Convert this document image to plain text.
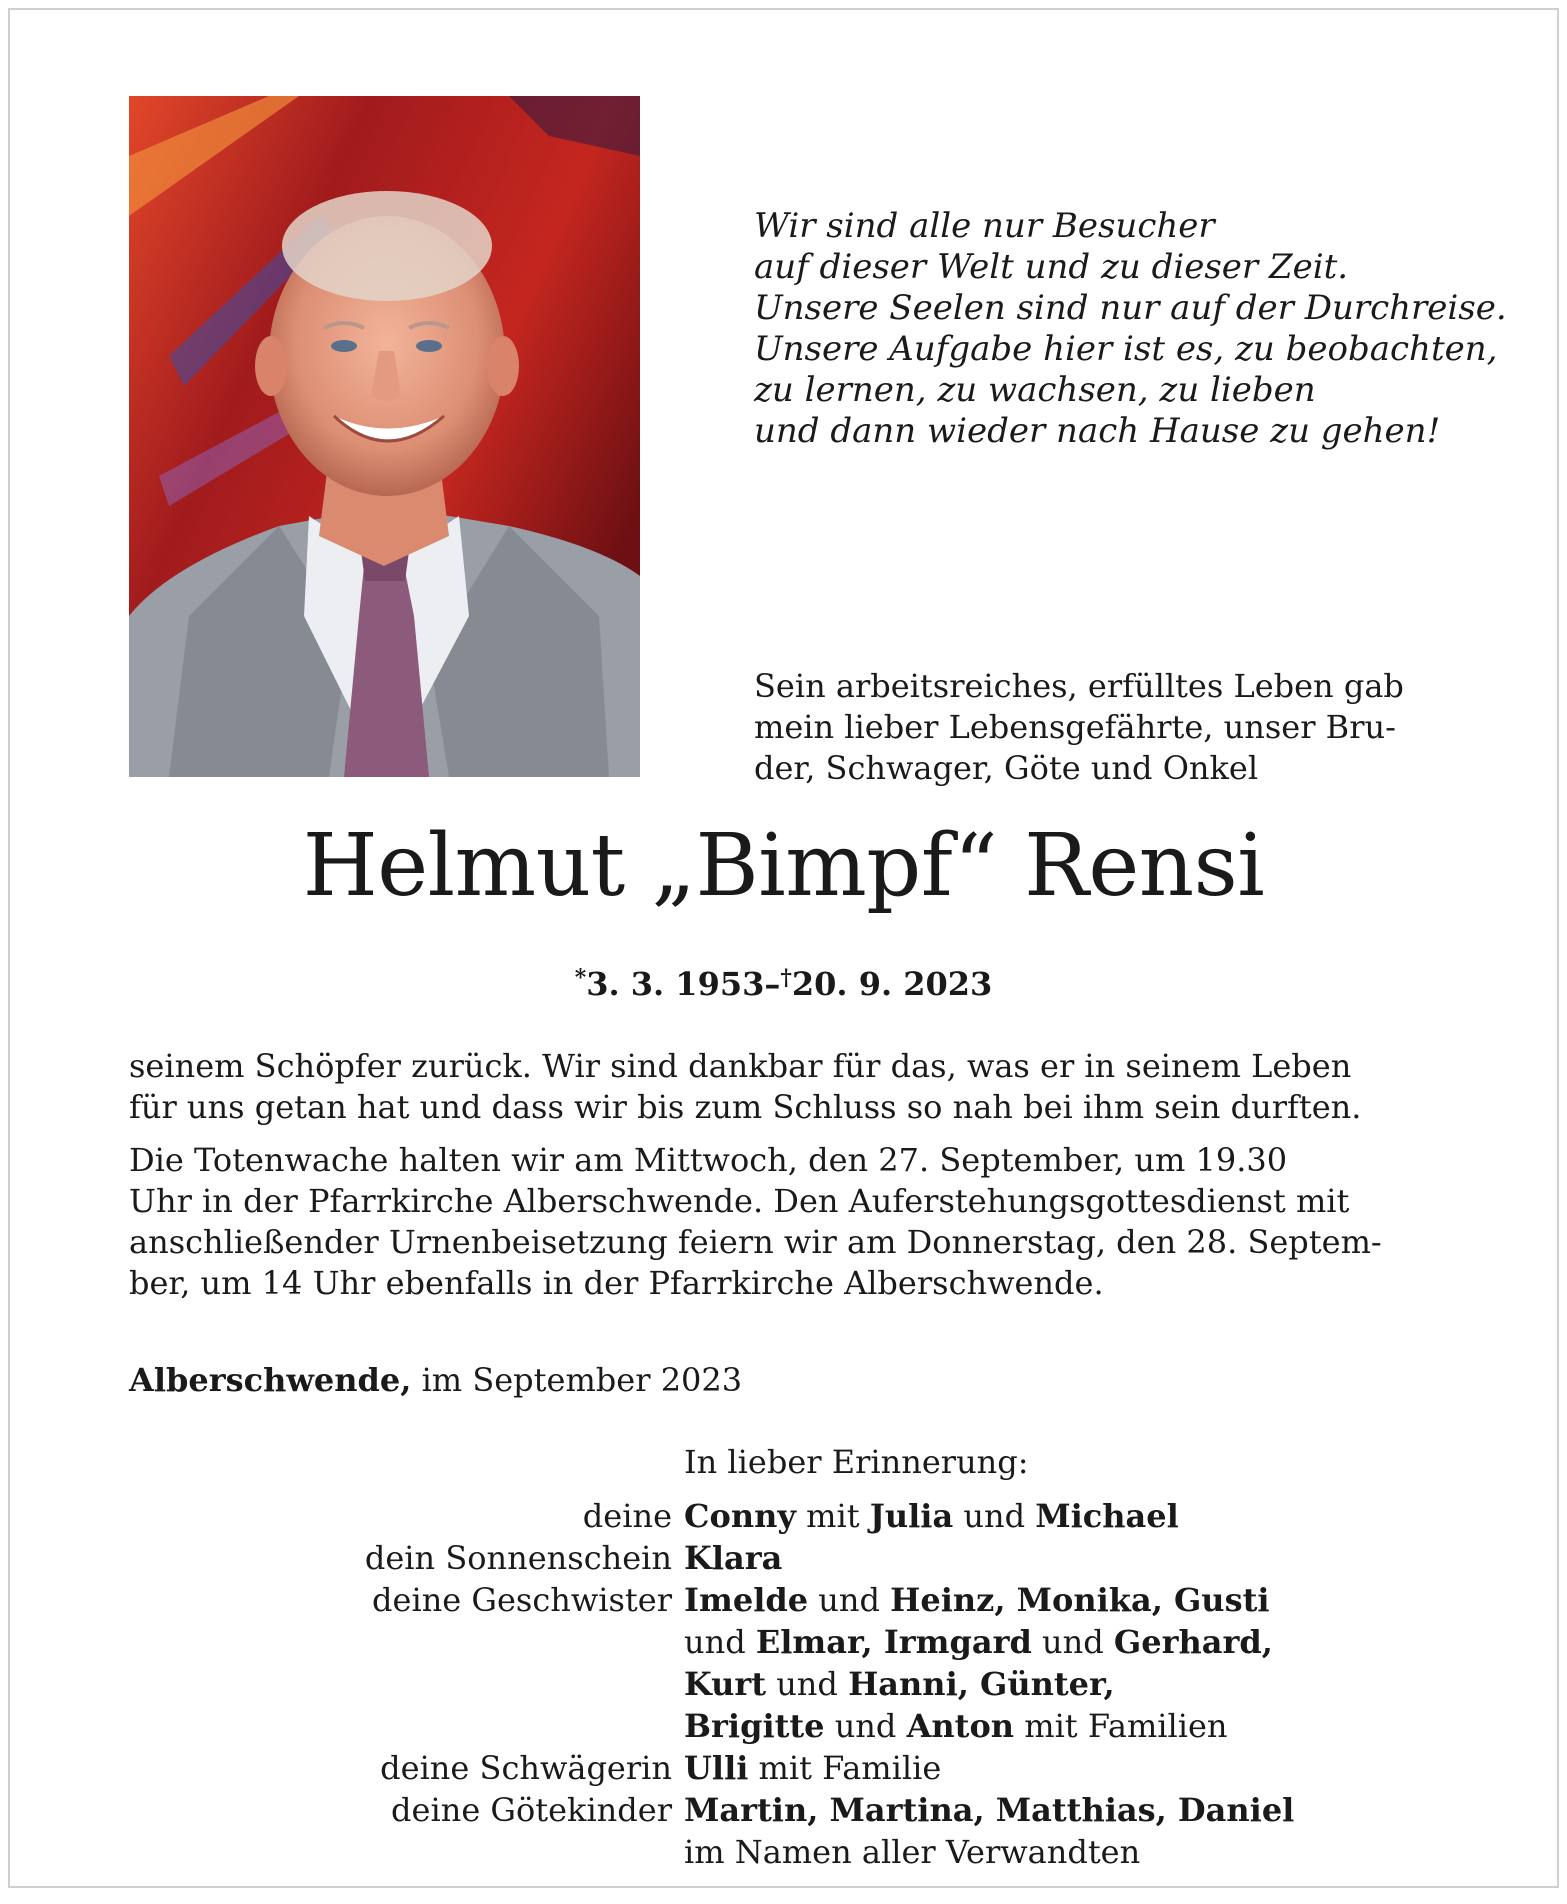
Wir sind alle nur Besucher
auf dieser Welt und zu dieser Zeit.
Unsere Seelen sind nur auf der Durchreise.
Unsere Aufgabe hier ist es, zu beobachten,
zu lernen, zu wachsen, zu lieben
und dann wieder nach Hause zu gehen!
Sein arbeitsreiches, erfülltes Leben gab
mein lieber Lebensgefährte, unser Bru-
der, Schwager, Göte und Onkel
Helmut „Bimpf“ Rensi
*3. 3. 1953–†20. 9. 2023
seinem Schöpfer zurück. Wir sind dankbar für das, was er in seinem Leben
für uns getan hat und dass wir bis zum Schluss so nah bei ihm sein durften.
Die Totenwache halten wir am Mittwoch, den 27. September, um 19.30
Uhr in der Pfarrkirche Alberschwende. Den Auferstehungsgottesdienst mit
anschließender Urnenbeisetzung feiern wir am Donnerstag, den 28. Septem-
ber, um 14 Uhr ebenfalls in der Pfarrkirche Alberschwende.
Alberschwende, im September 2023
In lieber Erinnerung:
deine Conny mit Julia und Michael
dein Sonnenschein Klara
deine Geschwister Imelde und Heinz, Monika, Gusti
und Elmar, Irmgard und Gerhard,
Kurt und Hanni, Günter,
Brigitte und Anton mit Familien
deine Schwägerin Ulli mit Familie
deine Götekinder Martin, Martina, Matthias, Daniel
im Namen aller Verwandten
